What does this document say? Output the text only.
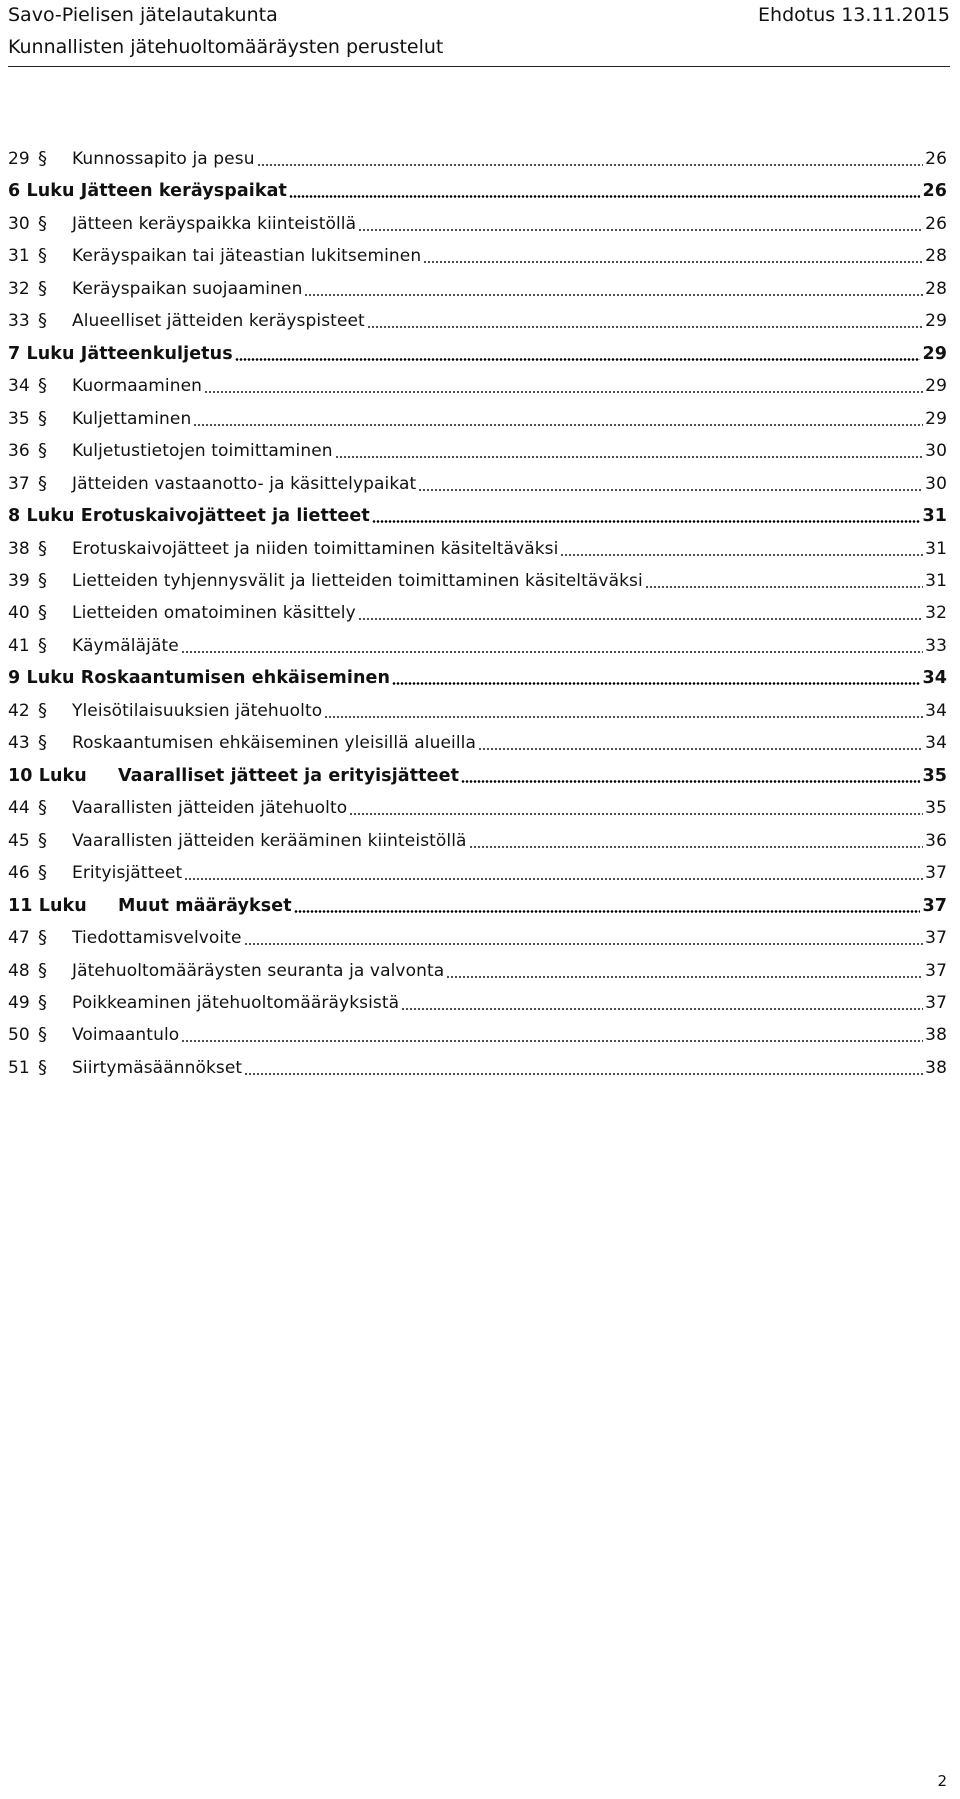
Savo-Pielisen jätelautakunta	Ehdotus 13.11.2015
Kunnallisten jätehuoltomääräysten perustelut
29 §	Kunnossapito ja pesu	26
6 Luku Jätteen keräyspaikat	26
30 §	Jätteen keräyspaikka kiinteistöllä	26
31 §	Keräyspaikan tai jäteastian lukitseminen	28
32 §	Keräyspaikan suojaaminen	28
33 §	Alueelliset jätteiden keräyspisteet	29
7 Luku Jätteenkuljetus	29
34 §	Kuormaaminen	29
35 §	Kuljettaminen	29
36 §	Kuljetustietojen toimittaminen	30
37 §	Jätteiden vastaanotto- ja käsittelypaikat	30
8 Luku Erotuskaivojätteet ja lietteet	31
38 §	Erotuskaivojätteet ja niiden toimittaminen käsiteltäväksi	31
39 §	Lietteiden tyhjennysvälit ja lietteiden toimittaminen käsiteltäväksi	31
40 §	Lietteiden omatoiminen käsittely	32
41 §	Käymäläjäte	33
9 Luku Roskaantumisen ehkäiseminen	34
42 §	Yleisötilaisuuksien jätehuolto	34
43 §	Roskaantumisen ehkäiseminen yleisillä alueilla	34
10 Luku	Vaaralliset jätteet ja erityisjätteet	35
44 §	Vaarallisten jätteiden jätehuolto	35
45 §	Vaarallisten jätteiden kerääminen kiinteistöllä	36
46 §	Erityisjätteet	37
11 Luku	Muut määräykset	37
47 §	Tiedottamisvelvoite	37
48 §	Jätehuoltomääräysten seuranta ja valvonta	37
49 §	Poikkeaminen jätehuoltomääräyksistä	37
50 §	Voimaantulo	38
51 §	Siirtymäsäännökset	38
2
